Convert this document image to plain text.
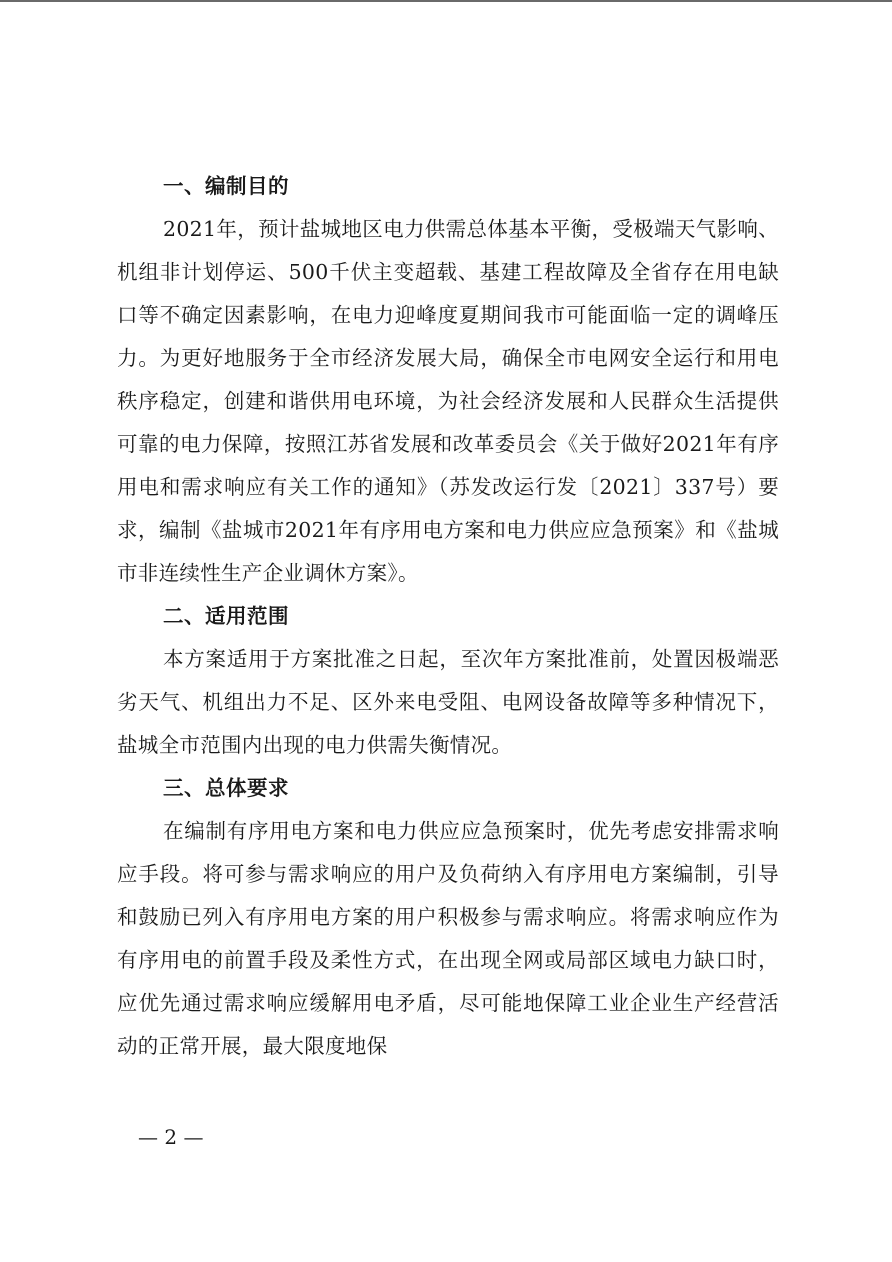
一、编制目的
2021年，预计盐城地区电力供需总体基本平衡，受极端天气影响、机组非计划停运、500千伏主变超载、基建工程故障及全省存在用电缺口等不确定因素影响，在电力迎峰度夏期间我市可能面临一定的调峰压力。为更好地服务于全市经济发展大局，确保全市电网安全运行和用电秩序稳定，创建和谐供用电环境，为社会经济发展和人民群众生活提供可靠的电力保障，按照江苏省发展和改革委员会《关于做好2021年有序用电和需求响应有关工作的通知》（苏发改运行发〔2021〕337号）要求，编制《盐城市2021年有序用电方案和电力供应应急预案》和《盐城市非连续性生产企业调休方案》。
二、适用范围
本方案适用于方案批准之日起，至次年方案批准前，处置因极端恶劣天气、机组出力不足、区外来电受阻、电网设备故障等多种情况下，盐城全市范围内出现的电力供需失衡情况。
三、总体要求
在编制有序用电方案和电力供应应急预案时，优先考虑安排需求响应手段。将可参与需求响应的用户及负荷纳入有序用电方案编制，引导和鼓励已列入有序用电方案的用户积极参与需求响应。将需求响应作为有序用电的前置手段及柔性方式，在出现全网或局部区域电力缺口时，应优先通过需求响应缓解用电矛盾，尽可能地保障工业企业生产经营活动的正常开展，最大限度地保
— 2 —
